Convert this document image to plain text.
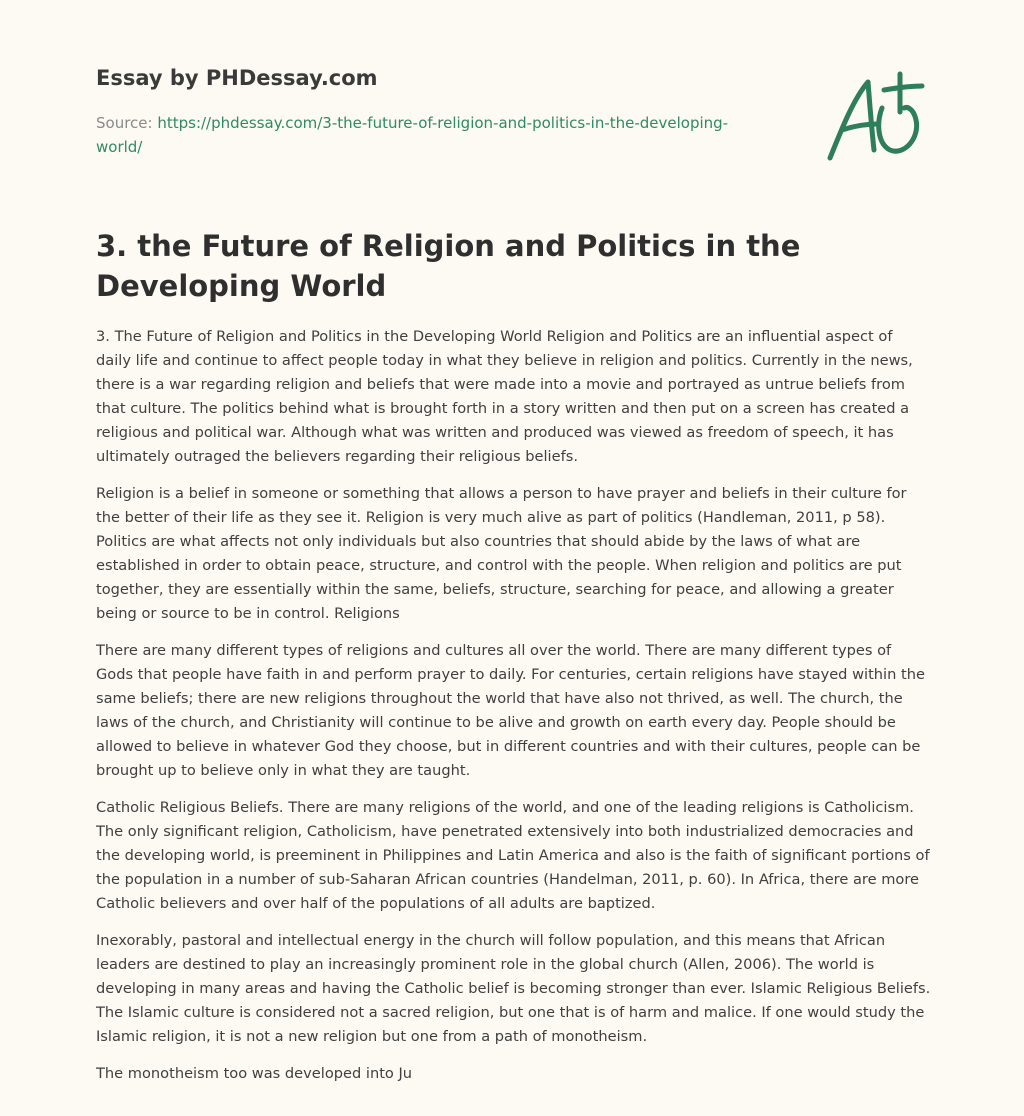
Essay by PHDessay.com
Source: https://phdessay.com/3-the-future-of-religion-and-politics-in-the-developing-world/
3. the Future of Religion and Politics in the Developing World

3. The Future of Religion and Politics in the Developing World Religion and Politics are an influential aspect of daily life and continue to affect people today in what they believe in religion and politics. Currently in the news, there is a war regarding religion and beliefs that were made into a movie and portrayed as untrue beliefs from that culture. The politics behind what is brought forth in a story written and then put on a screen has created a religious and political war. Although what was written and produced was viewed as freedom of speech, it has ultimately outraged the believers regarding their religious beliefs.

Religion is a belief in someone or something that allows a person to have prayer and beliefs in their culture for the better of their life as they see it. Religion is very much alive as part of politics (Handleman, 2011, p 58). Politics are what affects not only individuals but also countries that should abide by the laws of what are established in order to obtain peace, structure, and control with the people. When religion and politics are put together, they are essentially within the same, beliefs, structure, searching for peace, and allowing a greater being or source to be in control. Religions

There are many different types of religions and cultures all over the world. There are many different types of Gods that people have faith in and perform prayer to daily. For centuries, certain religions have stayed within the same beliefs; there are new religions throughout the world that have also not thrived, as well. The church, the laws of the church, and Christianity will continue to be alive and growth on earth every day. People should be allowed to believe in whatever God they choose, but in different countries and with their cultures, people can be brought up to believe only in what they are taught.

Catholic Religious Beliefs. There are many religions of the world, and one of the leading religions is Catholicism. The only significant religion, Catholicism, have penetrated extensively into both industrialized democracies and the developing world, is preeminent in Philippines and Latin America and also is the faith of significant portions of the population in a number of sub-Saharan African countries (Handelman, 2011, p. 60). In Africa, there are more Catholic believers and over half of the populations of all adults are baptized.

Inexorably, pastoral and intellectual energy in the church will follow population, and this means that African leaders are destined to play an increasingly prominent role in the global church (Allen, 2006). The world is developing in many areas and having the Catholic belief is becoming stronger than ever. Islamic Religious Beliefs. The Islamic culture is considered not a sacred religion, but one that is of harm and malice. If one would study the Islamic religion, it is not a new religion but one from a path of monotheism.

The monotheism too was developed into Ju
